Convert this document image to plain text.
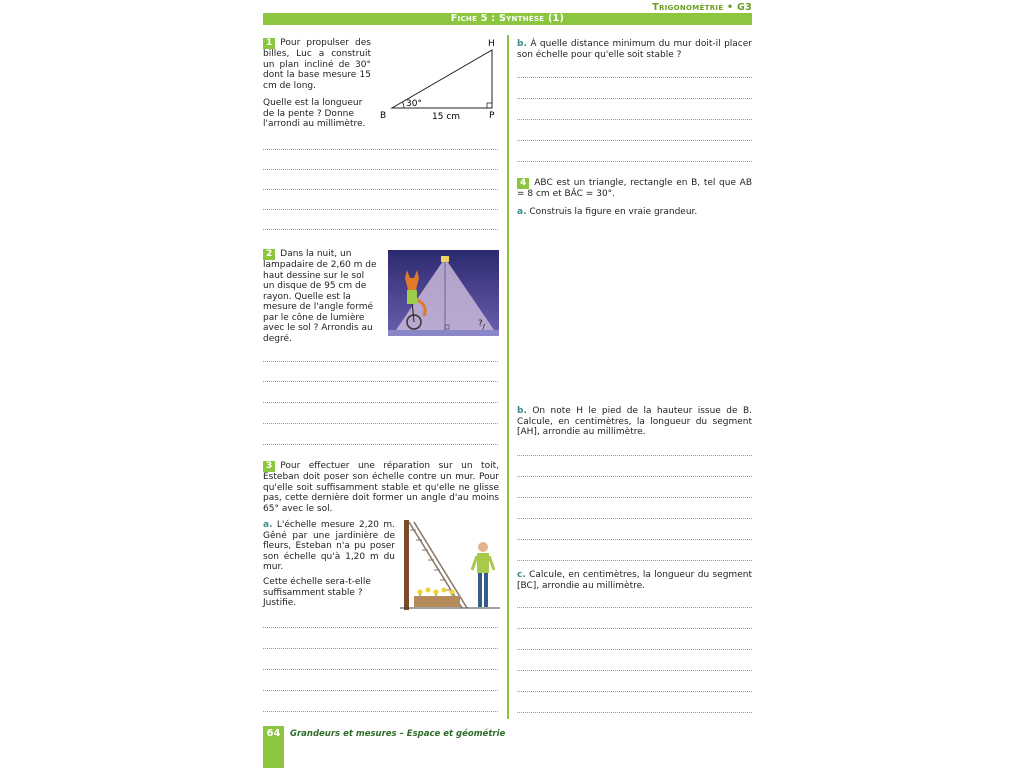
Trigonométrie • G3
Fiche 5 : Synthèse (1)
1 Pour propulser des billes, Luc a construit un plan incliné de 30° dont la base mesure 15 cm de long.
Quelle est la longueur de la pente ? Donne l'arrondi au millimètre.
H
B	P
30°
15 cm
2 Dans la nuit, un lampadaire de 2,60 m de haut dessine sur le sol un disque de 95 cm de rayon. Quelle est la mesure de l'angle formé par le cône de lumière avec le sol ? Arrondis au degré.
?
3 Pour effectuer une réparation sur un toit, Esteban doit poser son échelle contre un mur. Pour qu'elle soit suffisamment stable et qu'elle ne glisse pas, cette dernière doit former un angle d'au moins 65° avec le sol.
a. L'échelle mesure 2,20 m. Gêné par une jardinière de fleurs, Esteban n'a pu poser son échelle qu'à 1,20 m du mur.
Cette échelle sera-t-elle suffisamment stable ? Justifie.
b. À quelle distance minimum du mur doit-il placer son échelle pour qu'elle soit stable ?
4 ABC est un triangle, rectangle en B, tel que AB = 8 cm et BÂC = 30°.
a. Construis la figure en vraie grandeur.
b. On note H le pied de la hauteur issue de B. Calcule, en centimètres, la longueur du segment [AH], arrondie au millimètre.
c. Calcule, en centimètres, la longueur du segment [BC], arrondie au millimètre.
64	Grandeurs et mesures – Espace et géométrie
